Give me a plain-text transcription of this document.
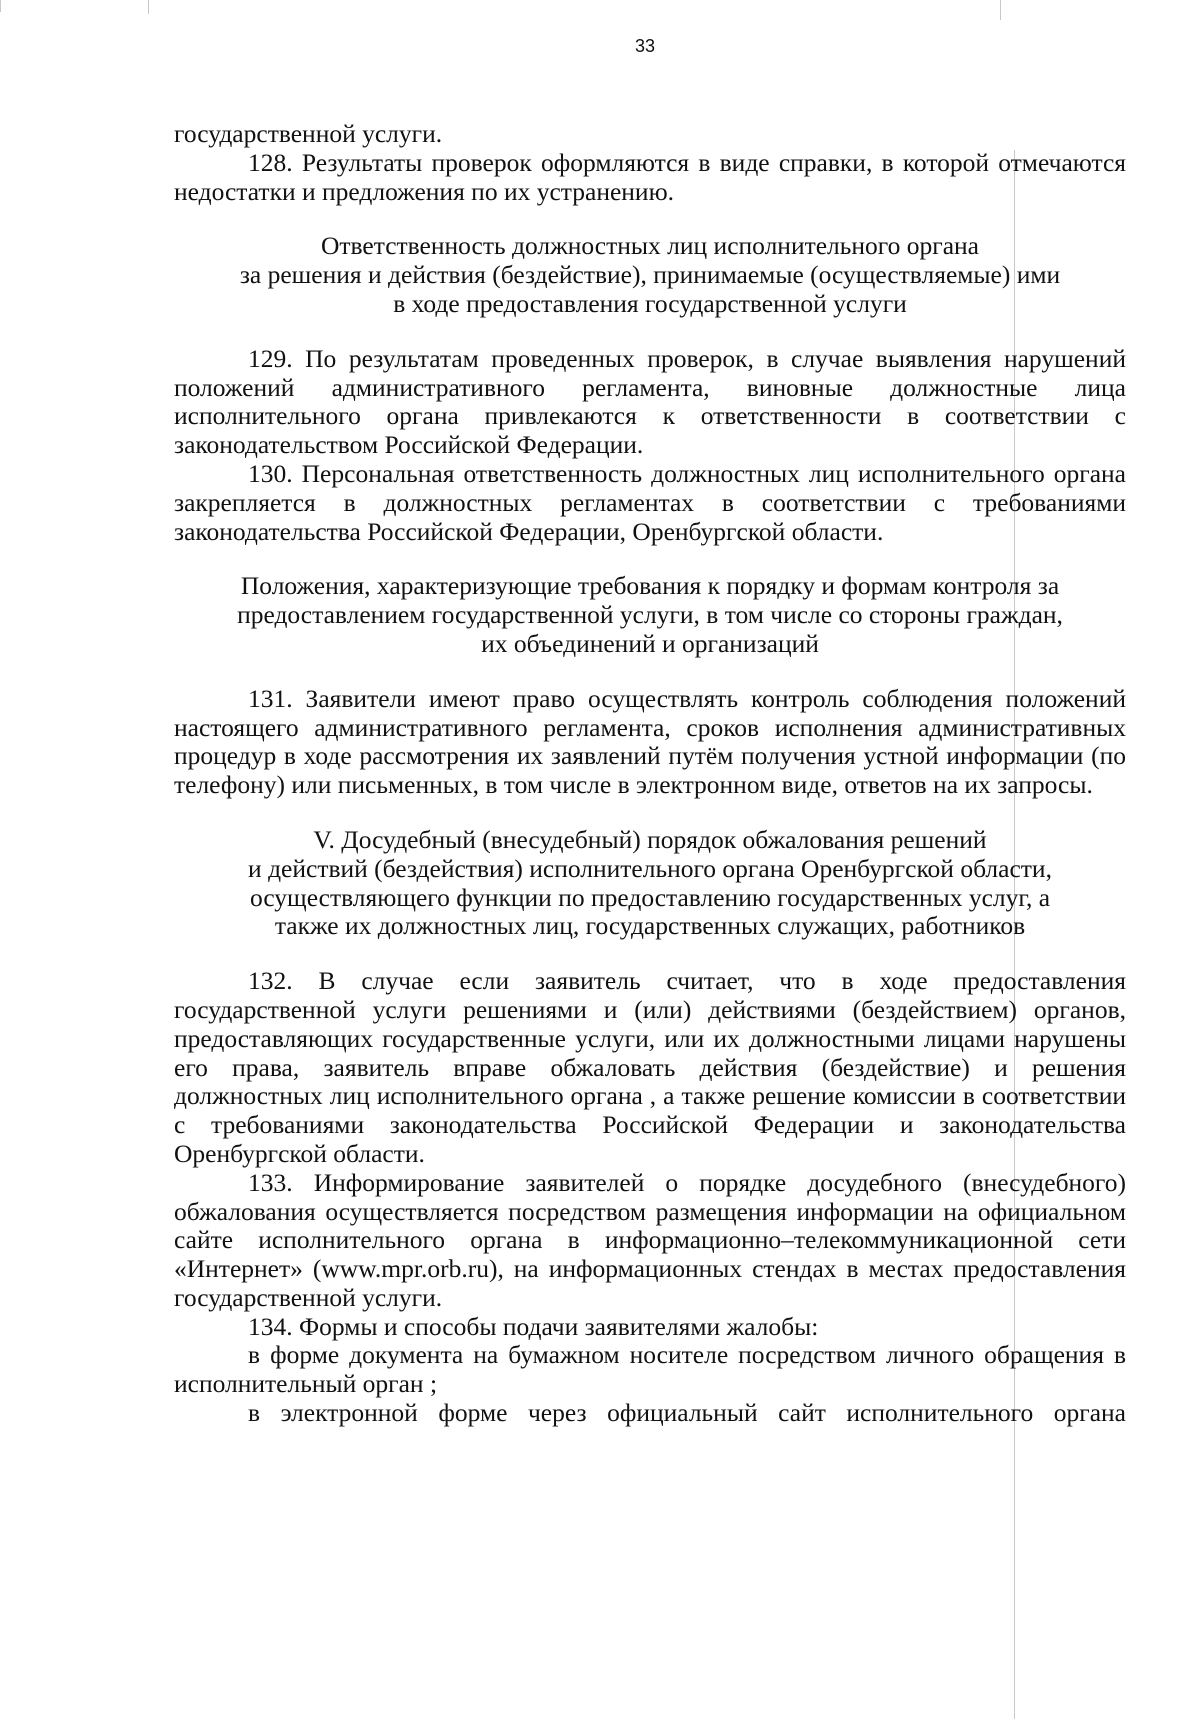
33

государственной услуги.

128. Результаты проверок оформляются в виде справки, в которой отмечаются недостатки и предложения по их устранению.

Ответственность должностных лиц исполнительного органа
за решения и действия (бездействие), принимаемые (осуществляемые) ими
в ходе предоставления государственной услуги

129. По результатам проведенных проверок, в случае выявления нарушений положений административного регламента, виновные должностные лица исполнительного органа привлекаются к ответственности в соответствии с законодательством Российской Федерации.

130. Персональная ответственность должностных лиц исполнительного органа закрепляется в должностных регламентах в соответствии с требованиями законодательства Российской Федерации, Оренбургской области.

Положения, характеризующие требования к порядку и формам контроля за
предоставлением государственной услуги, в том числе со стороны граждан,
их объединений и организаций

131. Заявители имеют право осуществлять контроль соблюдения положений настоящего административного регламента, сроков исполнения административных процедур в ходе рассмотрения их заявлений путём получения устной информации (по телефону) или письменных, в том числе в электронном виде, ответов на их запросы.

V. Досудебный (внесудебный) порядок обжалования решений
и действий (бездействия) исполнительного органа Оренбургской области,
осуществляющего функции по предоставлению государственных услуг, а
также их должностных лиц, государственных служащих, работников

132. В случае если заявитель считает, что в ходе предоставления государственной услуги решениями и (или) действиями (бездействием) органов, предоставляющих государственные услуги, или их должностными лицами нарушены его права, заявитель вправе обжаловать действия (бездействие) и решения должностных лиц исполнительного органа , а также решение комиссии в соответствии с требованиями законодательства Российской Федерации и законодательства Оренбургской области.

133. Информирование заявителей о порядке досудебного (внесудебного) обжалования осуществляется посредством размещения информации на официальном сайте исполнительного органа в информационно–телекоммуникационной сети «Интернет» (www.mpr.orb.ru), на информационных стендах в местах предоставления государственной услуги.

134. Формы и способы подачи заявителями жалобы:

в форме документа на бумажном носителе посредством личного обращения в исполнительный орган ;

в электронной форме через официальный сайт исполнительного органа
